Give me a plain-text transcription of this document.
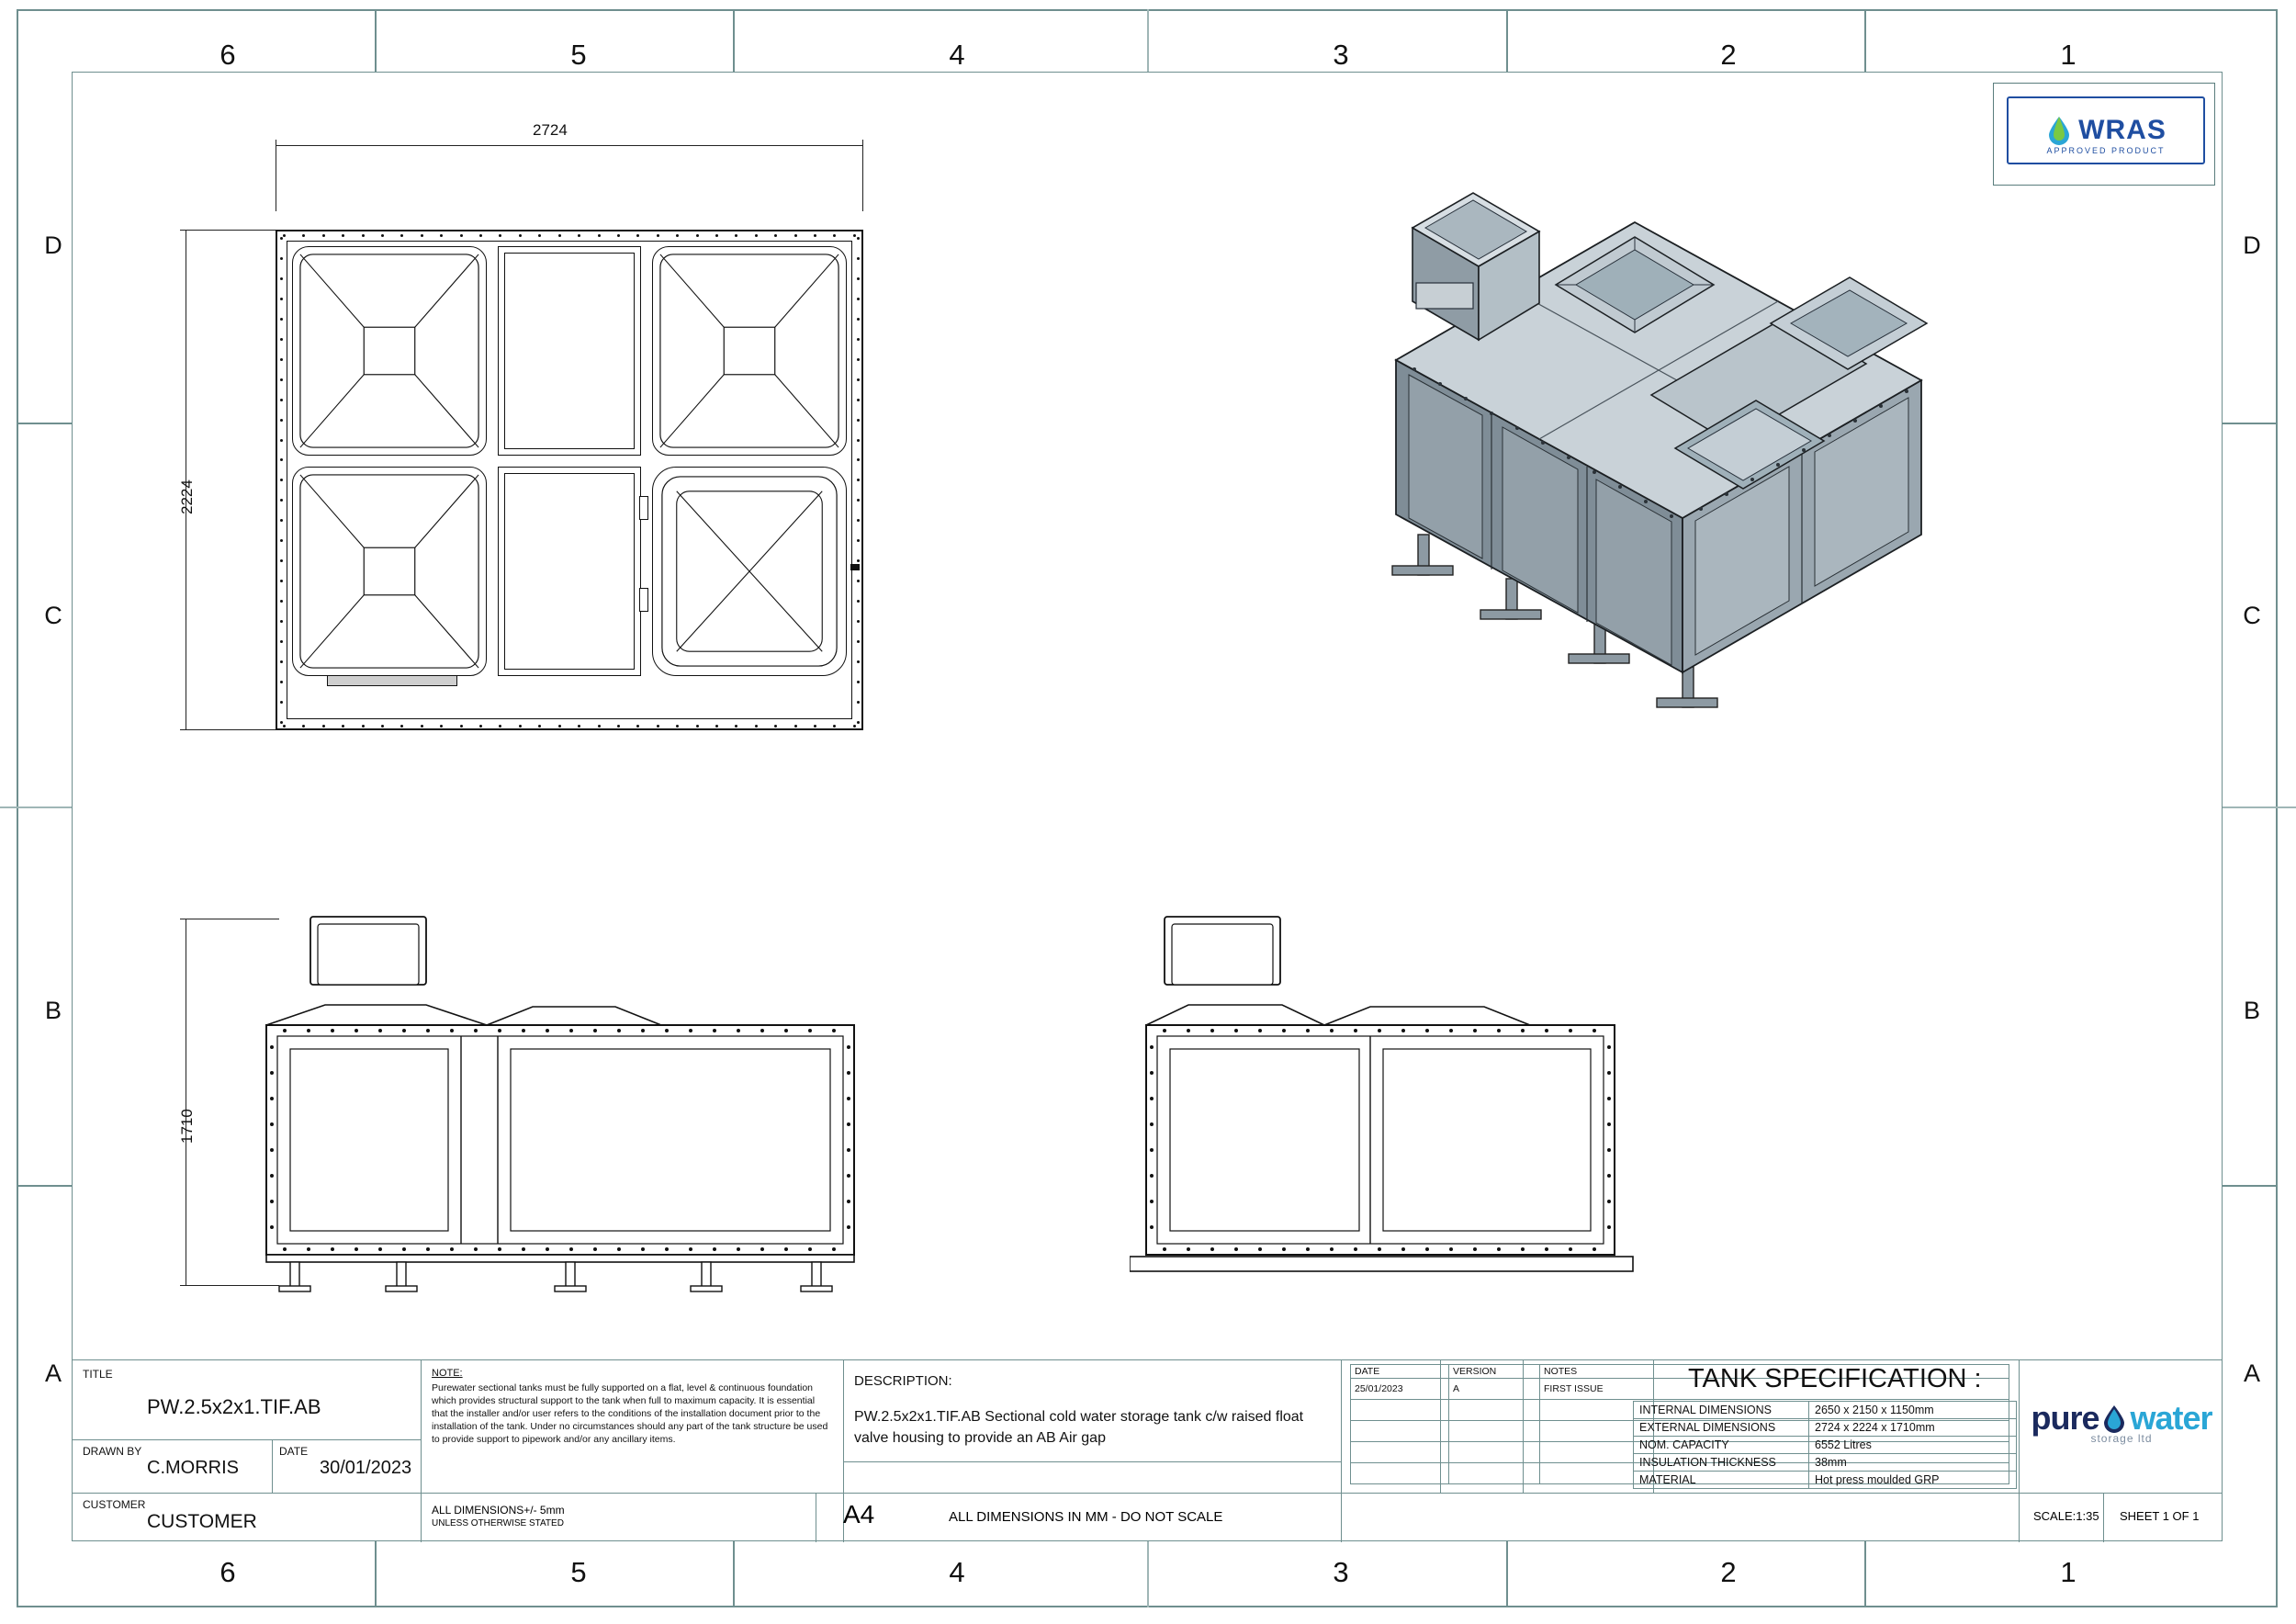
6	5	4	3	2	1
6	5	4	3	2	1
D
C
B
A
D
C
B
A
WRAS
APPROVED PRODUCT
2724
2224
1710
TITLE
PW.2.5x2x1.TIF.AB
DRAWN BY
C.MORRIS
DATE
30/01/2023
CUSTOMER
CUSTOMER
ALL DIMENSIONS+/- 5mm
UNLESS OTHERWISE STATED	A4	ALL DIMENSIONS IN MM - DO NOT SCALE
NOTE:
Purewater sectional tanks must be fully supported on a flat, level & continuous foundation which provides structural support to the tank when full to maximum capacity. It is essential that the installer and/or user refers to the conditions of the installation document prior to the installation of the tank. Under no circumstances should any part of the tank structure be used to provide support to pipework and/or any ancillary items.
DESCRIPTION:
PW.2.5x2x1.TIF.AB Sectional cold water storage tank c/w raised float valve housing to provide an AB Air gap
DATE	VERSION	NOTES
25/01/2023	A	FIRST ISSUE

			TANK SPECIFICATION :
INTERNAL DIMENSIONS	2650 x 2150 x 1150mm
EXTERNAL DIMENSIONS	2724 x 2224 x 1710mm
NOM. CAPACITY	6552 Litres
INSULATION THICKNESS	38mm
MATERIAL	Hot press moulded GRP
pure water
storage ltd
SCALE:1:35 SHEET 1 OF 1
